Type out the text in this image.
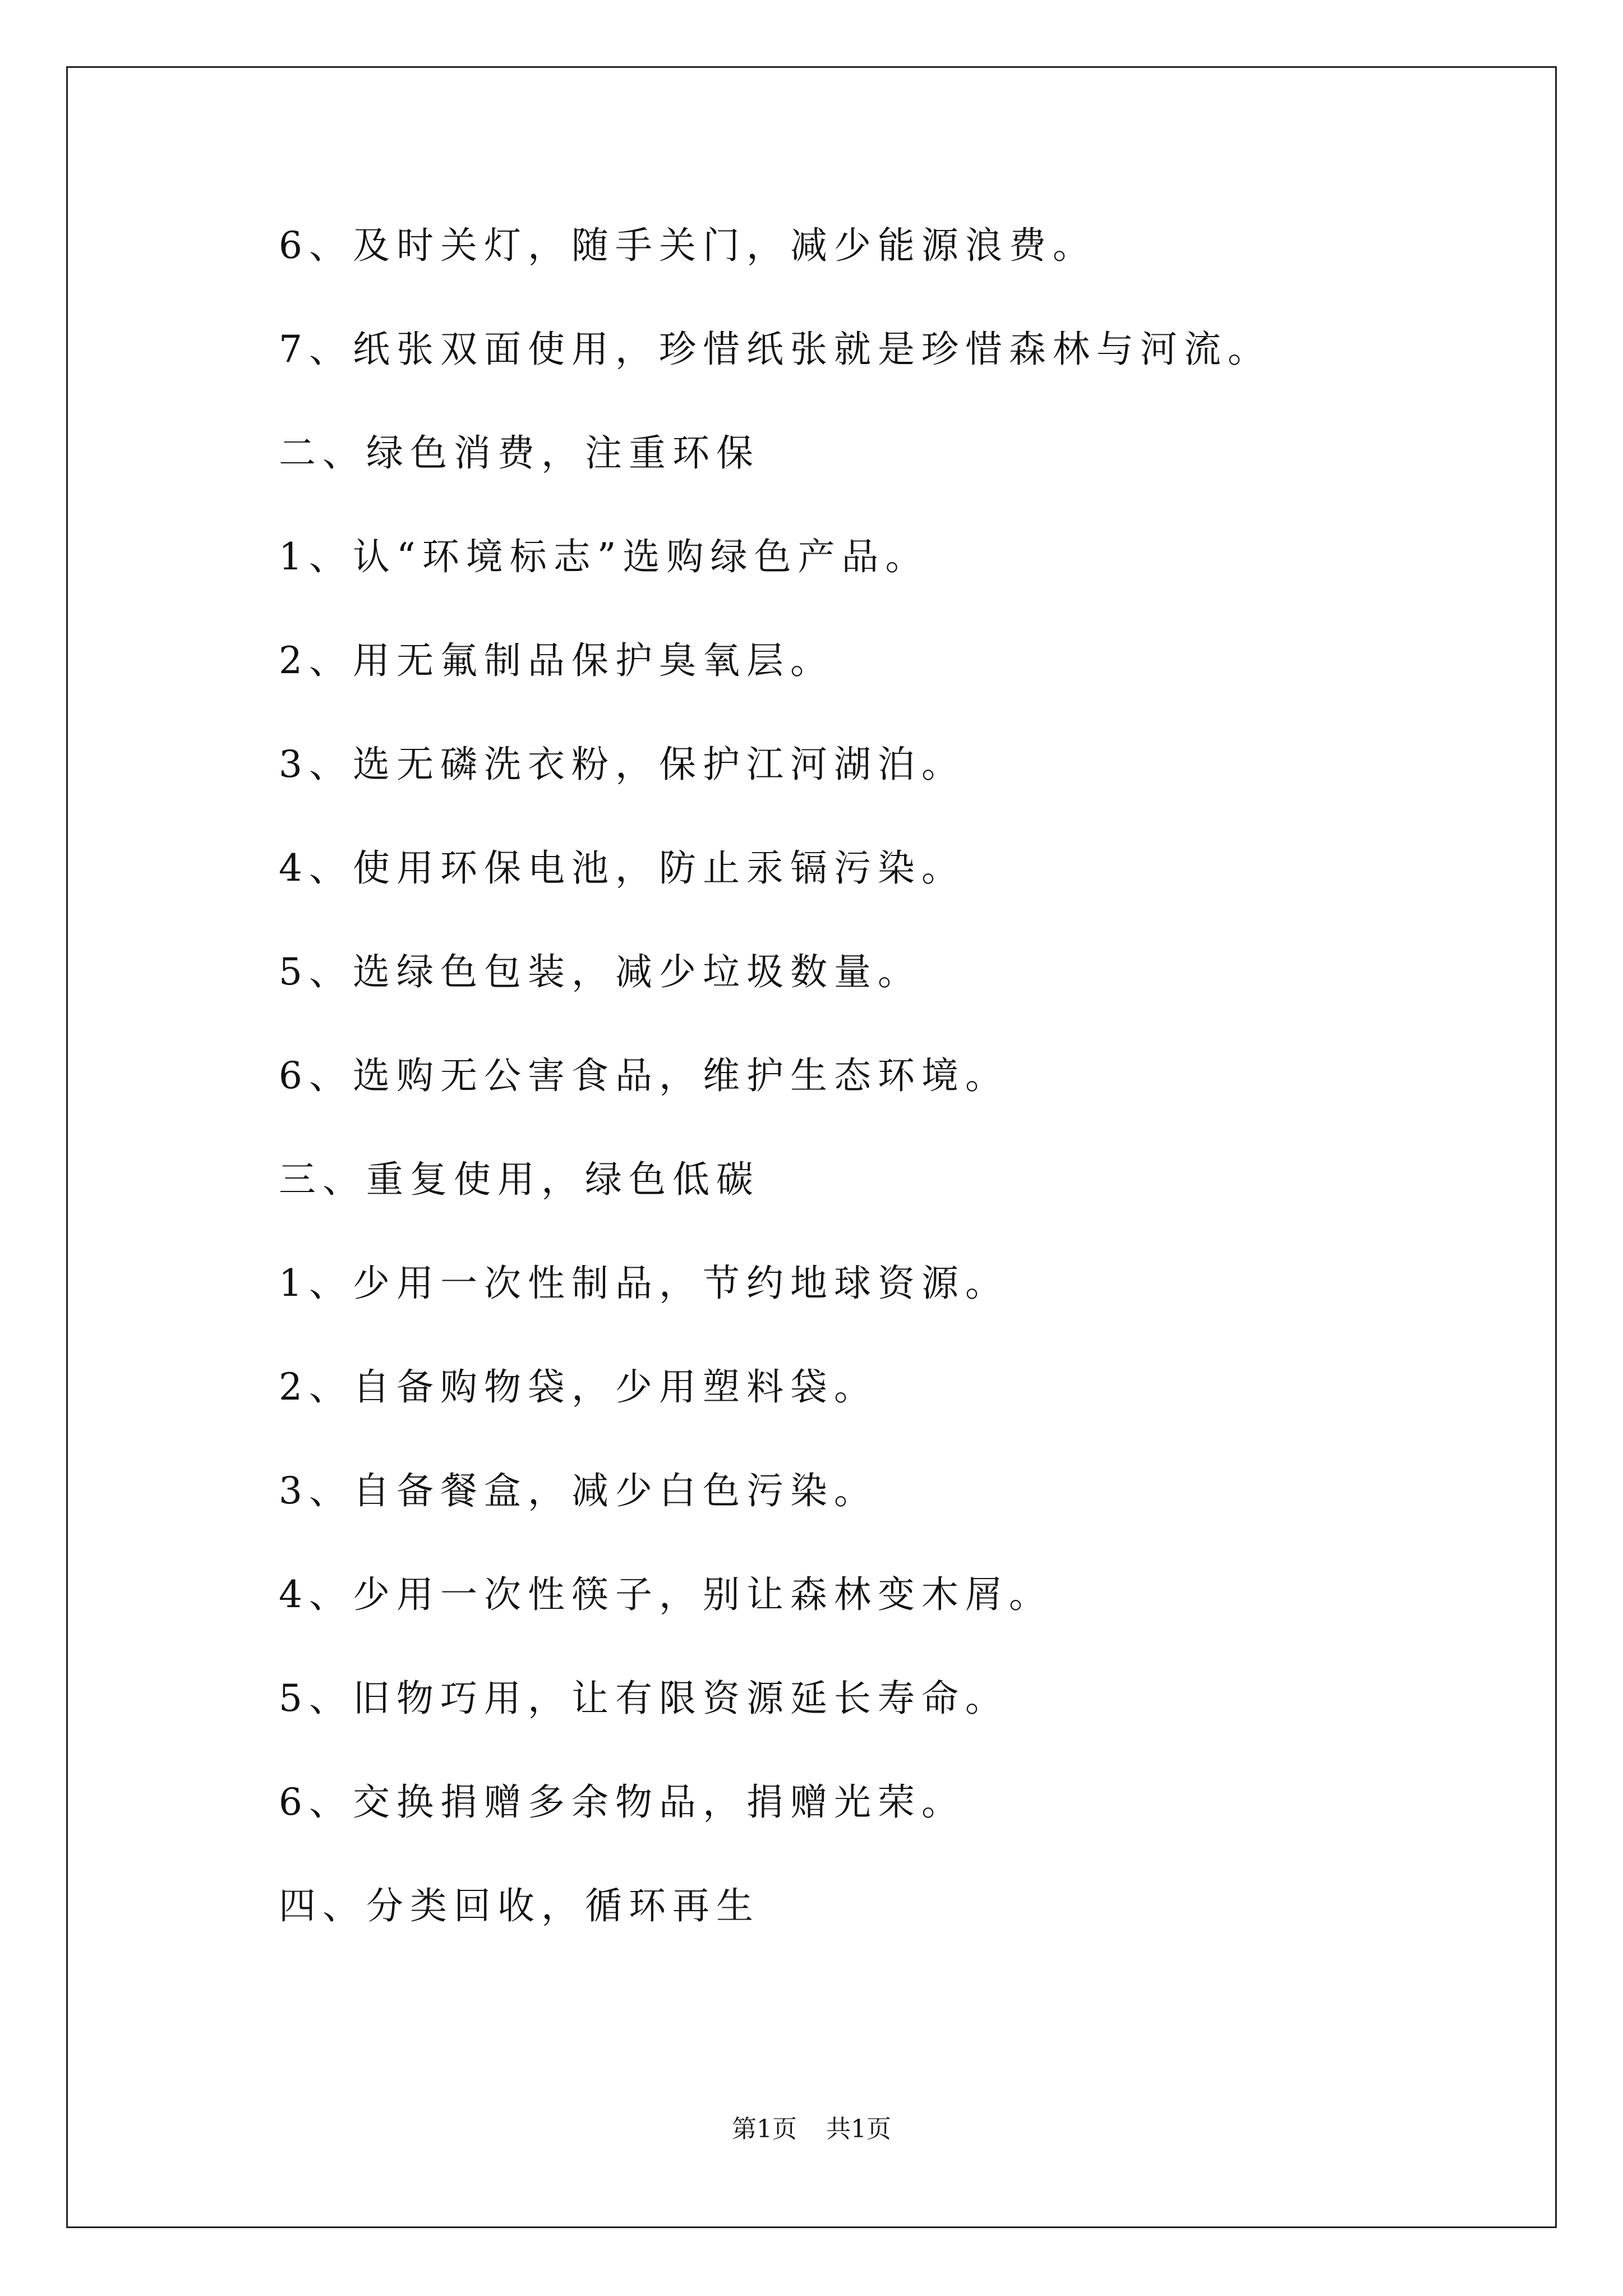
6、及时关灯，随手关门，减少能源浪费。
7、纸张双面使用，珍惜纸张就是珍惜森林与河流。
二、绿色消费，注重环保
1、认“环境标志”选购绿色产品。
2、用无氟制品保护臭氧层。
3、选无磷洗衣粉，保护江河湖泊。
4、使用环保电池，防止汞镉污染。
5、选绿色包装，减少垃圾数量。
6、选购无公害食品，维护生态环境。
三、重复使用，绿色低碳
1、少用一次性制品，节约地球资源。
2、自备购物袋，少用塑料袋。
3、自备餐盒，减少白色污染。
4、少用一次性筷子，别让森林变木屑。
5、旧物巧用，让有限资源延长寿命。
6、交换捐赠多余物品，捐赠光荣。
四、分类回收，循环再生
第1页 共1页
